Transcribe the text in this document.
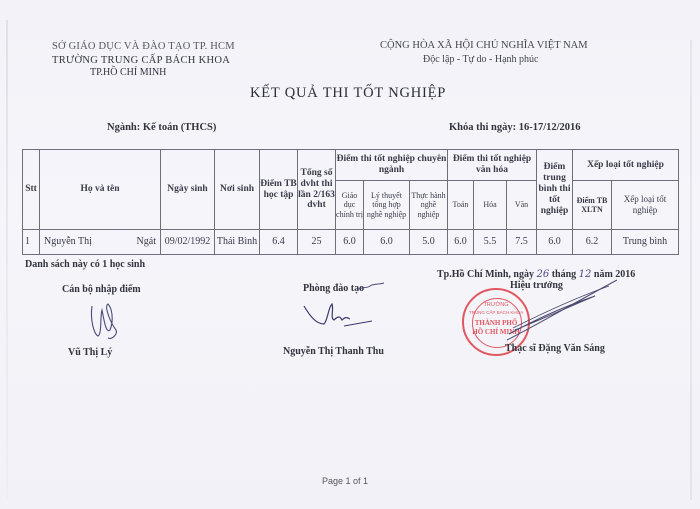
SỞ GIÁO DỤC VÀ ĐÀO TẠO TP. HCM
TRƯỜNG TRUNG CẤP BÁCH KHOA
TP.HỒ CHÍ MINH
CỘNG HÒA XÃ HỘI CHỦ NGHĨA VIỆT NAM
Độc lập - Tự do - Hạnh phúc
KẾT QUẢ THI TỐT NGHIỆP
Ngành: Kế toán (THCS)	Khóa thi ngày: 16-17/12/2016
Stt	Họ và tên	Ngày sinh	Nơi sinh	Điểm TB học tập	Tổng số dvht thi lần 2/163 dvht	Điểm thi tốt nghiệp chuyên ngành			Điểm thi tốt nghiệp văn hóa			Điểm trung bình thi tốt nghiệp	Xếp loại tốt nghiệp	
						Giáo dục chính trị	Lý thuyết tổng hợp nghề nghiệp	Thực hành nghề nghiệp	Toán	Hóa	Văn		Điểm TB XLTN	Xếp loại tốt nghiệp
1	Nguyễn Thị Ngát	09/02/1992	Thái Bình	6.4	25	6.0	6.0	5.0	6.0	5.5	7.5	6.0	6.2	Trung bình
Danh sách này có 1 học sinh
Tp.Hồ Chí Minh, ngày 26 tháng 12 năm 2016
Cán bộ nhập điểm	Phòng đào tạo	Hiệu trưởng
TRƯỜNG
TRUNG CẤP BÁCH KHOA
THÀNH PHỐ
HỒ CHÍ MINH
Vũ Thị Lý	Nguyễn Thị Thanh Thu	Thạc sĩ Đặng Văn Sáng
Page 1 of 1
